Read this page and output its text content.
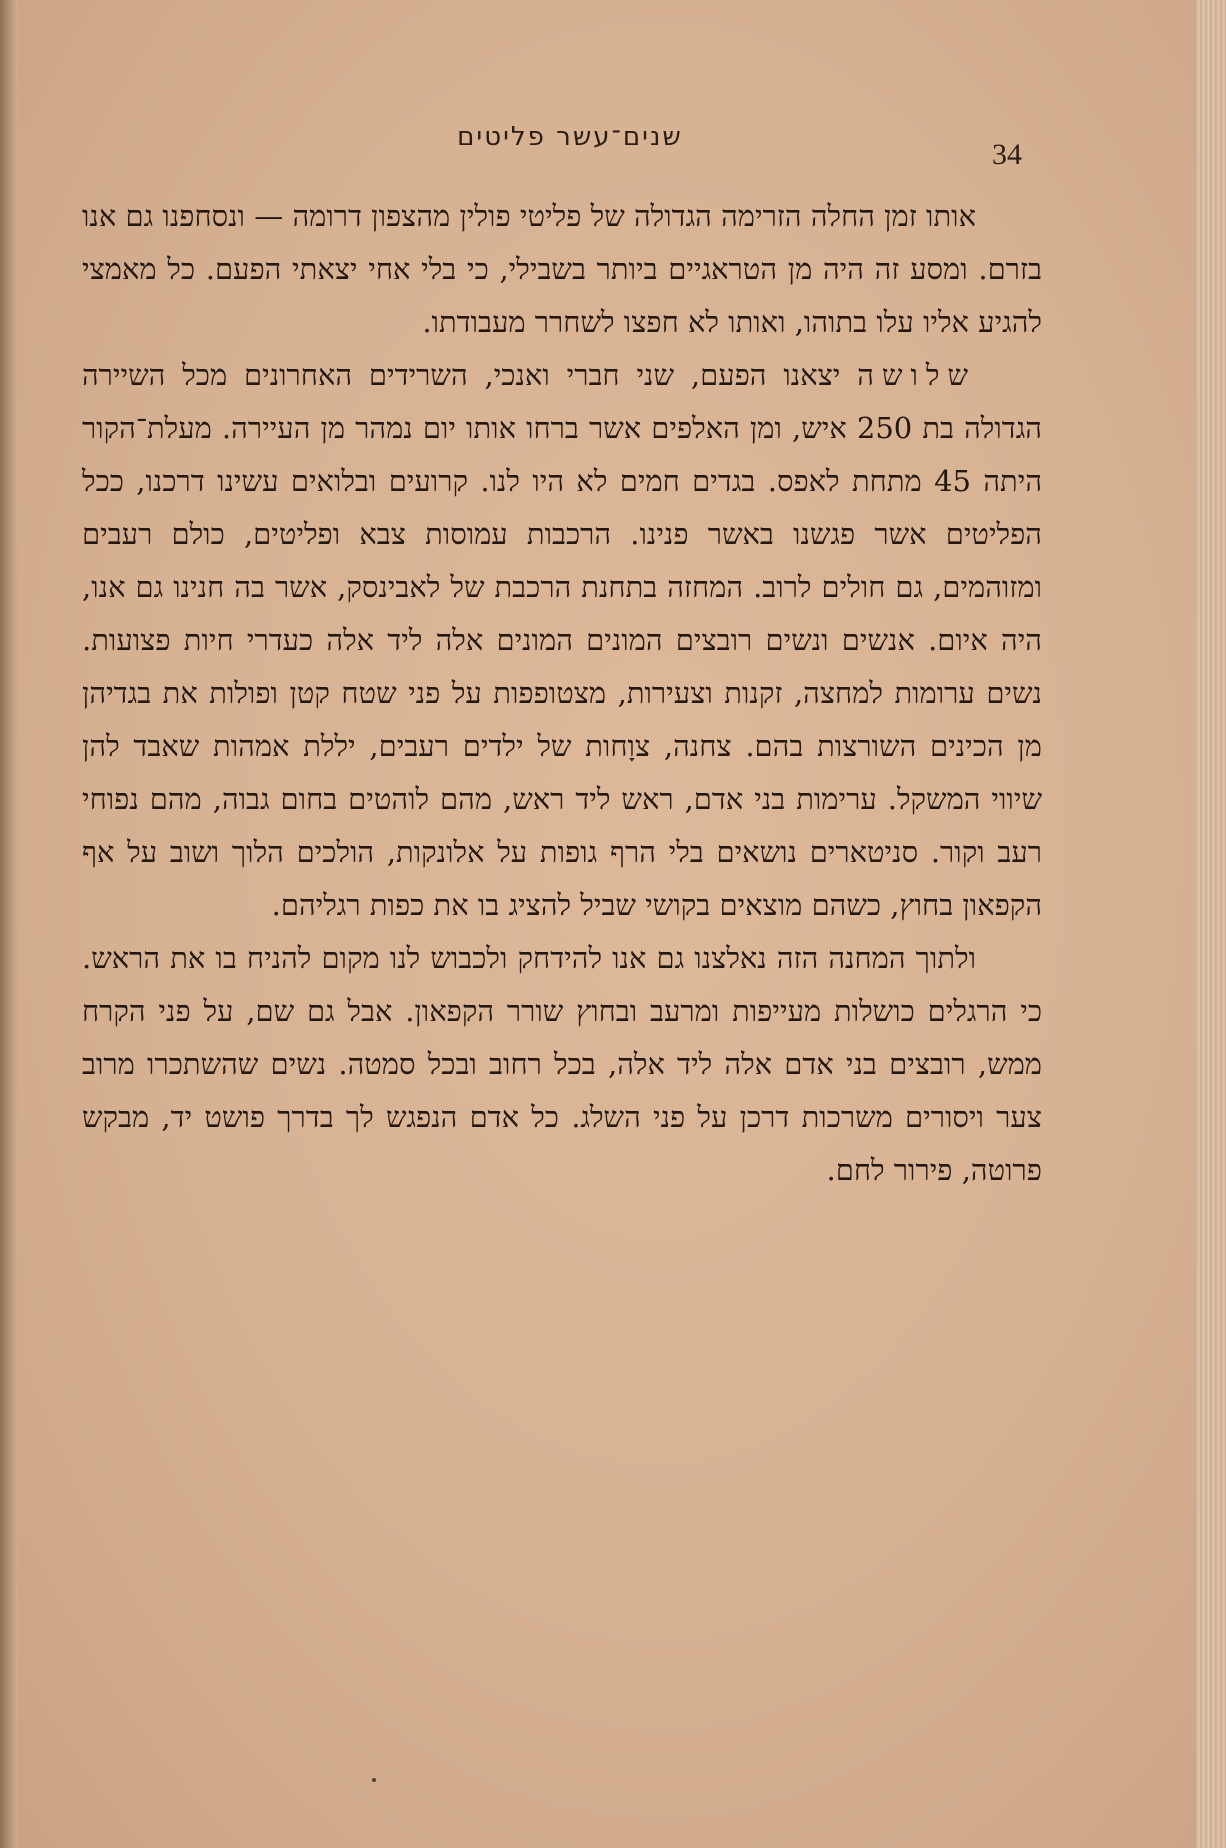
שנים־עשר פליטים
34

אותו זמן החלה הזרימה הגדולה של פליטי פולין מהצפון דרומה — ונסחפנו גם אנו בזרם. ומסע זה היה מן הטראגיים ביותר בשבילי, כי בלי אחי יצאתי הפעם. כל מאמצי להגיע אליו עלו בתוהו, ואותו לא חפצו לשחרר מעבודתו.

שלושה יצאנו הפעם, שני חברי ואנכי, השרידים האחרונים מכל השיירה הגדולה בת 250 איש, ומן האלפים אשר ברחו אותו יום נמהר מן העיירה. מעלת־הקור היתה 45 מתחת לאפס. בגדים חמים לא היו לנו. קרועים ובלואים עשינו דרכנו, ככל הפליטים אשר פגשנו באשר פנינו. הרכבות עמוסות צבא ופליטים, כולם רעבים ומזוהמים, גם חולים לרוב. המחזה בתחנת הרכבת של לאבינסק, אשר בה חנינו גם אנו, היה איום. אנשים ונשים רובצים המונים המונים אלה ליד אלה כעדרי חיות פצועות. נשים ערומות למחצה, זקנות וצעירות, מצטופפות על פני שטח קטן ופולות את בגדיהן מן הכינים השורצות בהם. צחנה, צוָחות של ילדים רעבים, יללת אמהות שאבד להן שיווי המשקל. ערימות בני אדם, ראש ליד ראש, מהם לוהטים בחום גבוה, מהם נפוחי רעב וקור. סניטארים נושאים בלי הרף גופות על אלונקות, הולכים הלוך ושוב על אף הקפאון בחוץ, כשהם מוצאים בקושי שביל להציג בו את כפות רגליהם.

ולתוך המחנה הזה נאלצנו גם אנו להידחק ולכבוש לנו מקום להניח בו את הראש. כי הרגלים כושלות מעייפות ומרעב ובחוץ שורר הקפאון. אבל גם שם, על פני הקרח ממש, רובצים בני אדם אלה ליד אלה, בכל רחוב ובכל סמטה. נשים שהשתכרו מרוב צער ויסורים משרכות דרכן על פני השלג. כל אדם הנפגש לך בדרך פושט יד, מבקש פרוטה, פירור לחם.
